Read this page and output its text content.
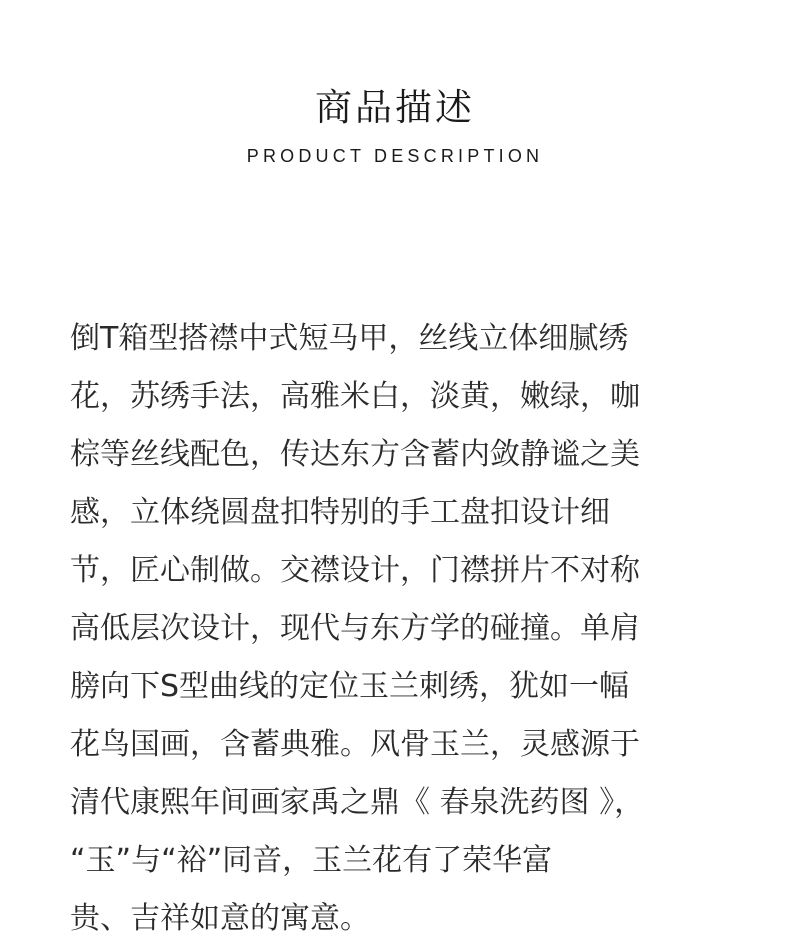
商品描述
PRODUCT DESCRIPTION

倒T箱型搭襟中式短马甲，丝线立体细腻绣
花，苏绣手法，高雅米白，淡黄，嫩绿，咖
棕等丝线配色，传达东方含蓄内敛静谧之美
感，立体绕圆盘扣特别的手工盘扣设计细
节，匠心制做。交襟设计，门襟拼片不对称
高低层次设计，现代与东方学的碰撞。单肩
膀向下S型曲线的定位玉兰刺绣，犹如一幅
花鸟国画，含蓄典雅。风骨玉兰，灵感源于
清代康熙年间画家禹之鼎《 春泉洗药图 》，
“玉”与“裕”同音，玉兰花有了荣华富
贵、吉祥如意的寓意。
